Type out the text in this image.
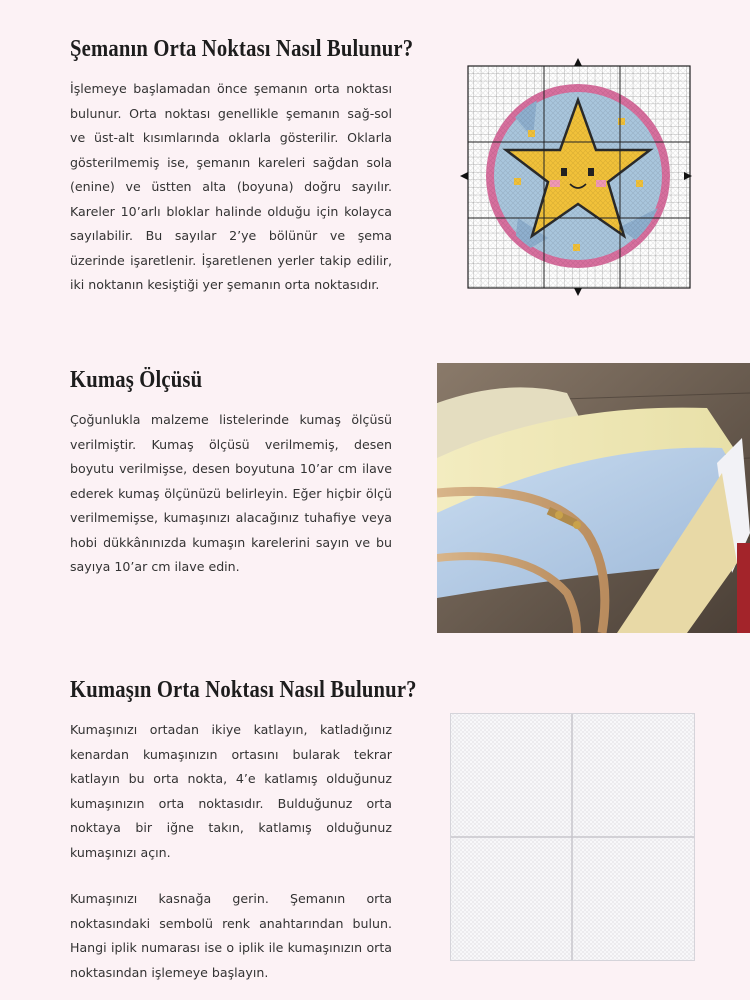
Şemanın Orta Noktası Nasıl Bulunur?

İşlemeye başlamadan önce şemanın orta noktası bulunur. Orta noktası genellikle şemanın sağ-sol ve üst-alt kısımlarında oklarla gösterilir. Oklarla gösterilmemiş ise, şemanın kareleri sağdan sola (enine) ve üstten alta (boyuna) doğru sayılır. Kareler 10’arlı bloklar halinde olduğu için kolayca sayılabilir. Bu sayılar 2’ye bölünür ve şema üzerinde işaretlenir. İşaretlenen yerler takip edilir, iki noktanın kesiştiği yer şemanın orta noktasıdır.

Kumaş Ölçüsü

Çoğunlukla malzeme listelerinde kumaş ölçüsü verilmiştir. Kumaş ölçüsü verilmemiş, desen boyutu verilmişse, desen boyutuna 10’ar cm ilave ederek kumaş ölçünüzü belirleyin. Eğer hiçbir ölçü verilmemişse, kumaşınızı alacağınız tuhafiye veya hobi dükkânınızda kumaşın karelerini sayın ve bu sayıya 10’ar cm ilave edin.

Kumaşın Orta Noktası Nasıl Bulunur?

Kumaşınızı ortadan ikiye katlayın, katladığınız kenardan kumaşınızın ortasını bularak tekrar katlayın bu orta nokta, 4’e katlamış olduğunuz kumaşınızın orta noktasıdır. Bulduğunuz orta noktaya bir iğne takın, katlamış olduğunuz kumaşınızı açın.

Kumaşınızı kasnağa gerin. Şemanın orta noktasındaki sembolü renk anahtarından bulun. Hangi iplik numarası ise o iplik ile kumaşınızın orta noktasından işlemeye başlayın.
